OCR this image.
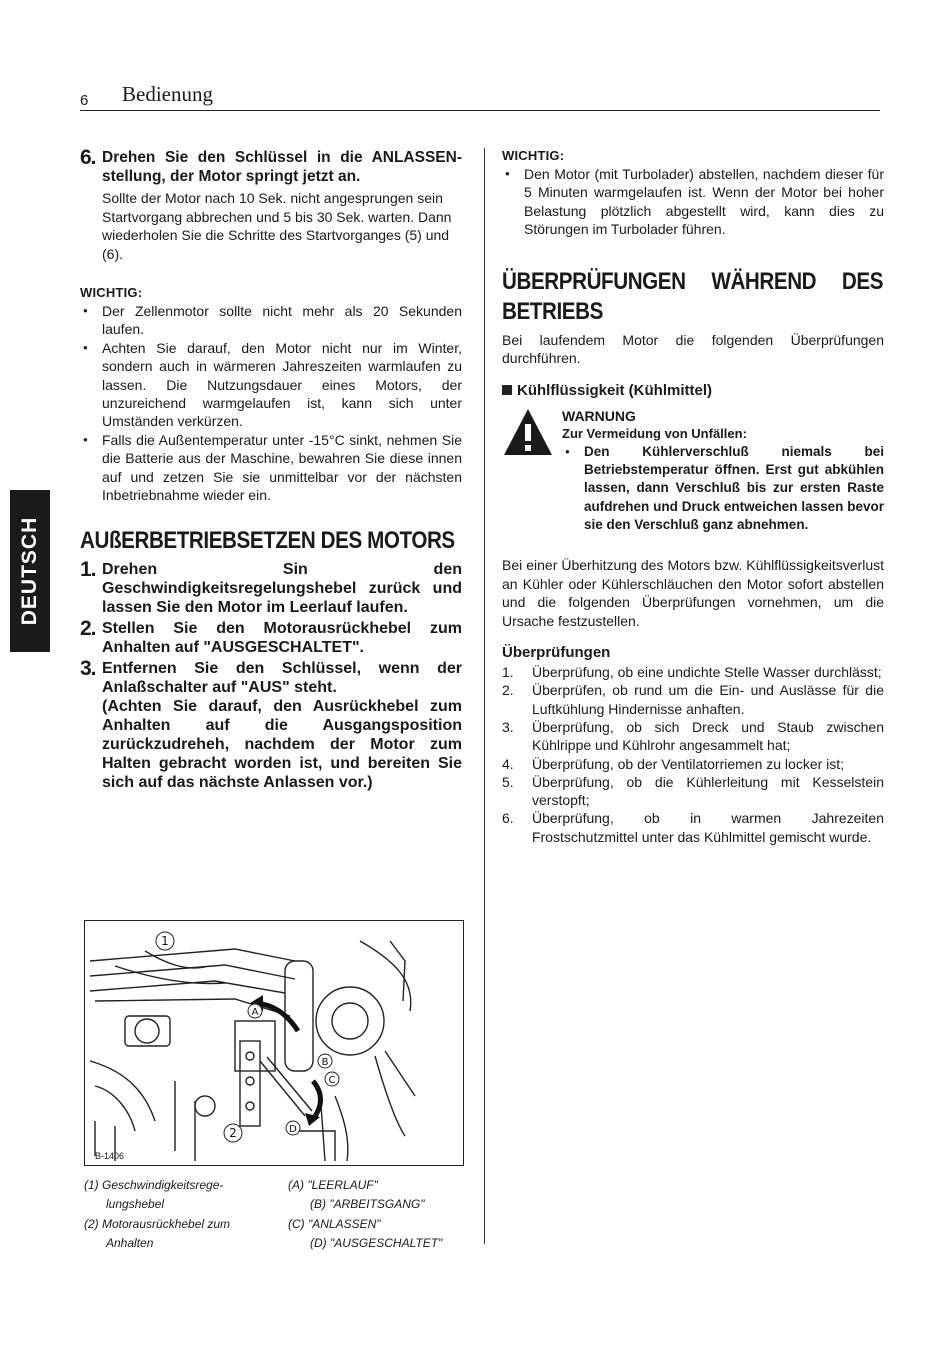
6 Bedienung
DEUTSCH
6. Drehen Sie den Schlüssel in die ANLASSEN-stellung, der Motor springt jetzt an.
Sollte der Motor nach 10 Sek. nicht angesprungen sein Startvorgang abbrechen und 5 bis 30 Sek. warten. Dann wiederholen Sie die Schritte des Startvorganges (5) und (6).
WICHTIG:
● Der Zellenmotor sollte nicht mehr als 20 Sekunden laufen.
● Achten Sie darauf, den Motor nicht nur im Winter, sondern auch in wärmeren Jahreszeiten warmlaufen zu lassen. Die Nutzungsdauer eines Motors, der unzureichend warmgelaufen ist, kann sich unter Umständen verkürzen.
● Falls die Außentemperatur unter -15°C sinkt, nehmen Sie die Batterie aus der Maschine, bewahren Sie diese innen auf und zetzen Sie sie unmittelbar vor der nächsten Inbetriebnahme wieder ein.
AUßERBETRIEBSETZEN DES MOTORS
1. Drehen Sin den Geschwindigkeitsregelungshebel zurück und lassen Sie den Motor im Leerlauf laufen.
2. Stellen Sie den Motorausrückhebel zum Anhalten auf "AUSGESCHALTET".
3. Entfernen Sie den Schlüssel, wenn der Anlaßschalter auf "AUS" steht.
(Achten Sie darauf, den Ausrückhebel zum Anhalten auf die Ausgangsposition zurückzudreheh, nachdem der Motor zum Halten gebracht worden ist, und bereiten Sie sich auf das nächste Anlassen vor.)
1
2
A
B
C
D
B-1406
(1) Geschwindigkeitsrege-	(A) "LEERLAUF"
lungshebel	(B) "ARBEITSGANG"
(2) Motorausrückhebel zum	(C) "ANLASSEN"
Anhalten	(D) "AUSGESCHALTET"
WICHTIG:
● Den Motor (mit Turbolader) abstellen, nachdem dieser für 5 Minuten warmgelaufen ist. Wenn der Motor bei hoher Belastung plötzlich abgestellt wird, kann dies zu Störungen im Turbolader führen.
ÜBERPRÜFUNGEN WÄHREND DES BETRIEBS
Bei laufendem Motor die folgenden Überprüfungen durchführen.
Kühlflüssigkeit (Kühlmittel)
WARNUNG
Zur Vermeidung von Unfällen:
● Den Kühlerverschluß niemals bei Betriebstemperatur öffnen. Erst gut abkühlen lassen, dann Verschluß bis zur ersten Raste aufdrehen und Druck entweichen lassen bevor sie den Verschluß ganz abnehmen.
Bei einer Überhitzung des Motors bzw. Kühlflüssigkeitsverlust an Kühler oder Kühlerschläuchen den Motor sofort abstellen und die folgenden Überprüfungen vornehmen, um die Ursache festzustellen.
Überprüfungen
1.	Überprüfung, ob eine undichte Stelle Wasser durchlässt;
2.	Überprüfen, ob rund um die Ein- und Auslässe für die Luftkühlung Hindernisse anhaften.
3.	Überprüfung, ob sich Dreck und Staub zwischen Kühlrippe und Kühlrohr angesammelt hat;
4.	Überprüfung, ob der Ventilatorriemen zu locker ist;
5.	Überprüfung, ob die Kühlerleitung mit Kesselstein verstopft;
6.	Überprüfung, ob in warmen Jahrezeiten Frostschutzmittel unter das Kühlmittel gemischt wurde.
